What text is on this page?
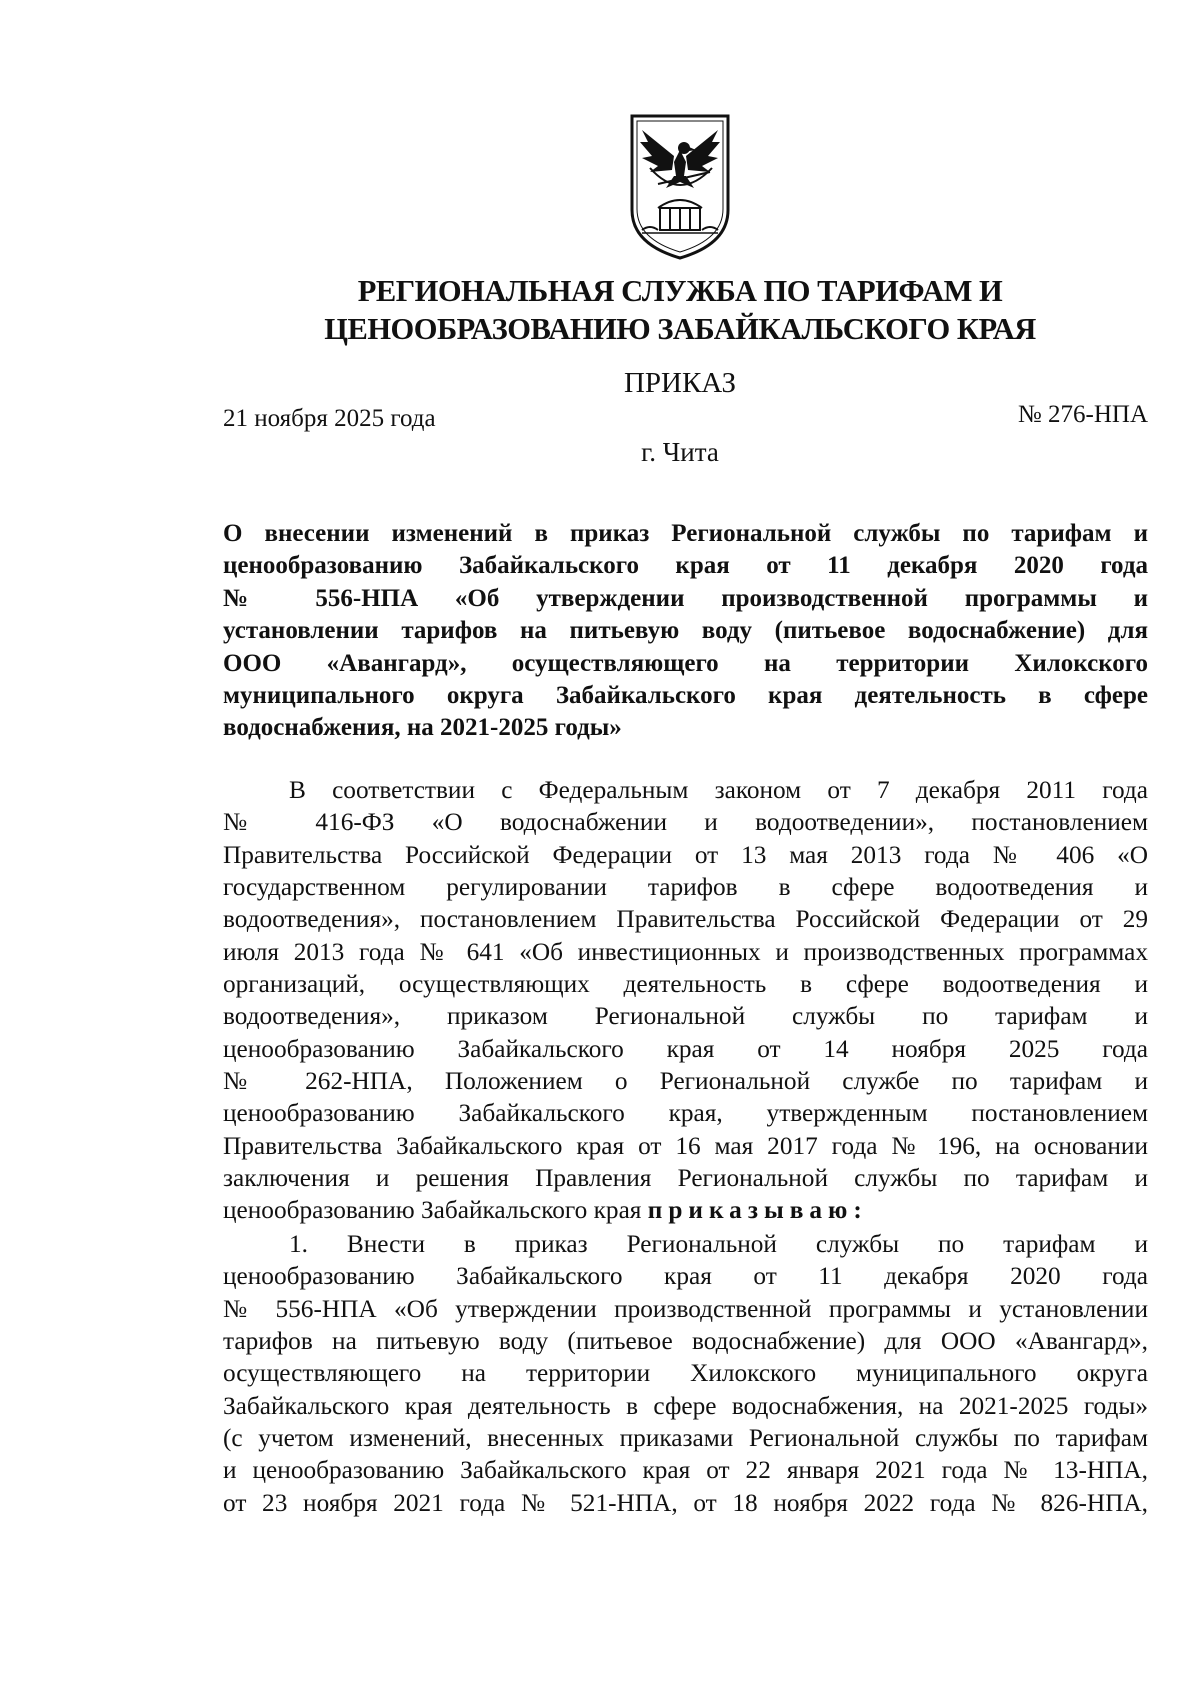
РЕГИОНАЛЬНАЯ СЛУЖБА ПО ТАРИФАМ И
ЦЕНООБРАЗОВАНИЮ ЗАБАЙКАЛЬСКОГО КРАЯ
ПРИКАЗ
21 ноября 2025 года	№ 276-НПА
г. Чита
О внесении изменений в приказ Региональной службы по тарифам и
ценообразованию Забайкальского края от 11 декабря 2020 года
№ 556-НПА «Об утверждении производственной программы и
установлении тарифов на питьевую воду (питьевое водоснабжение) для
ООО «Авангард», осуществляющего на территории Хилокского
муниципального округа Забайкальского края деятельность в сфере
водоснабжения, на 2021-2025 годы»
В соответствии с Федеральным законом от 7 декабря 2011 года
№ 416-ФЗ «О водоснабжении и водоотведении», постановлением
Правительства Российской Федерации от 13 мая 2013 года № 406 «О
государственном регулировании тарифов в сфере водоотведения и
водоотведения», постановлением Правительства Российской Федерации от 29
июля 2013 года № 641 «Об инвестиционных и производственных программах
организаций, осуществляющих деятельность в сфере водоотведения и
водоотведения», приказом Региональной службы по тарифам и
ценообразованию Забайкальского края от 14 ноября 2025 года
№ 262-НПА, Положением о Региональной службе по тарифам и
ценообразованию Забайкальского края, утвержденным постановлением
Правительства Забайкальского края от 16 мая 2017 года № 196, на основании
заключения и решения Правления Региональной службы по тарифам и
ценообразованию Забайкальского края приказываю:
1. Внести в приказ Региональной службы по тарифам и
ценообразованию Забайкальского края от 11 декабря 2020 года
№ 556-НПА «Об утверждении производственной программы и установлении
тарифов на питьевую воду (питьевое водоснабжение) для ООО «Авангард»,
осуществляющего на территории Хилокского муниципального округа
Забайкальского края деятельность в сфере водоснабжения, на 2021-2025 годы»
(с учетом изменений, внесенных приказами Региональной службы по тарифам
и ценообразованию Забайкальского края от 22 января 2021 года № 13-НПА,
от 23 ноября 2021 года № 521-НПА, от 18 ноября 2022 года № 826-НПА,
